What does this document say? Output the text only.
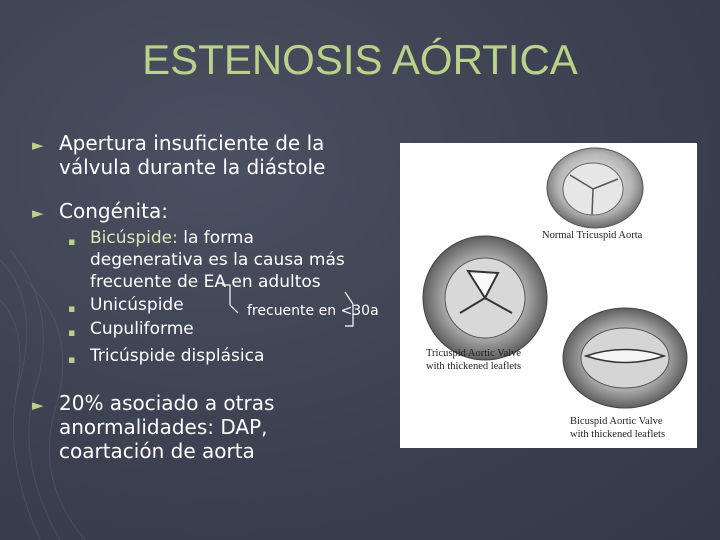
ESTENOSIS AÓRTICA
► Apertura insuficiente de la válvula durante la diástole
► Congénita:
▪ Bicúspide: la forma degenerativa es la causa más frecuente de EA en adultos
▪ Unicúspide
▪ Cupuliforme
▪ Tricúspide displásica
frecuente en <30a
► 20% asociado a otras anormalidades: DAP, coartación de aorta
Normal Tricuspid Aorta
Tricuspid Aortic Valve
with thickened leaflets
Bicuspid Aortic Valve
with thickened leaflets
